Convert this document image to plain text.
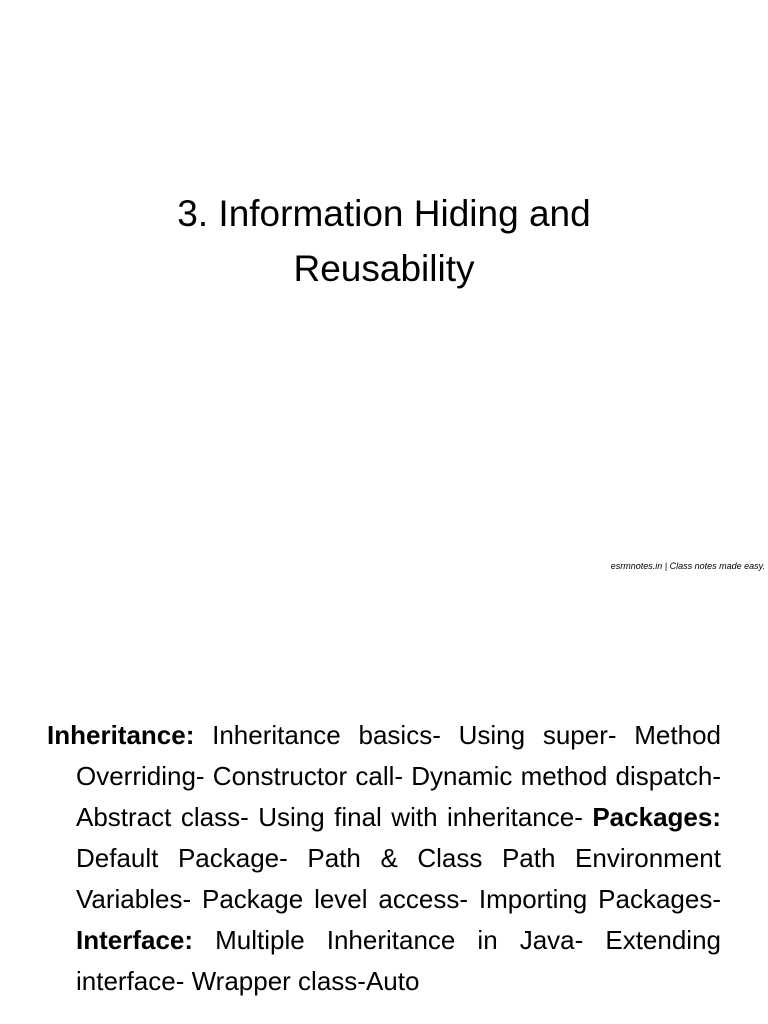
3. Information Hiding and
Reusability
esrmnotes.in | Class notes made easy.

Inheritance: Inheritance basics- Using super- Method Overriding- Constructor call- Dynamic method dispatch- Abstract class- Using final with inheritance- Packages: Default Package- Path & Class Path Environment Variables- Package level access- Importing Packages- Interface: Multiple Inheritance in Java- Extending interface- Wrapper class-Auto
